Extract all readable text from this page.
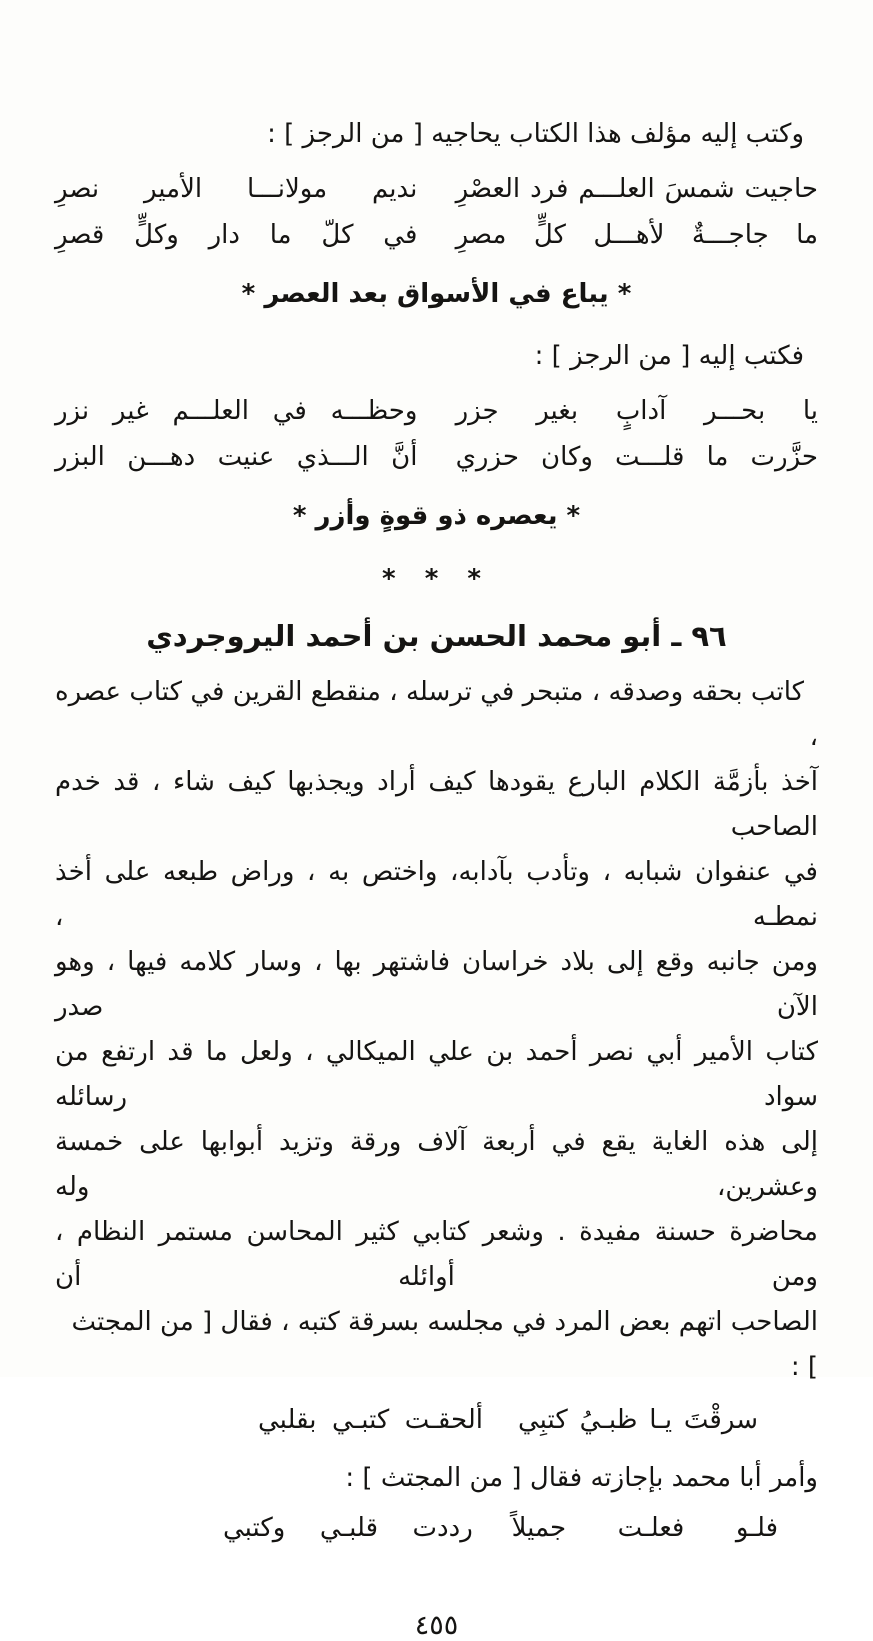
وكتب إليه مؤلف هذا الكتاب يحاجيه [ من الرجز ] :
حاجيت شمسَ العلـــم فرد العصْرِ
نديم مولانـــا الأمير نصرِ
ما جاجـــةٌ لأهـــل كلٍّ مصرِ
في كلّ ما دار وكلٍّ قصرِ
* يباع في الأسواق بعد العصر *
فكتب إليه [ من الرجز ] :
يا بحـــر آدابٍ بغير جزر
وحظـــه في العلـــم غير نزر
حزَّرت ما قلـــت وكان حزري
أنَّ الـــذي عنيت دهـــن البزر
* يعصره ذو قوةٍ وأزر *
* * *
٩٦ ـ أبو محمد الحسن بن أحمد اليروجردي
كاتب بحقه وصدقه ، متبحر في ترسله ، منقطع القرين في كتاب عصره ،
آخذ بأزمَّة الكلام البارع يقودها كيف أراد ويجذبها كيف شاء ، قد خدم الصاحب
في عنفوان شبابه ، وتأدب بآدابه، واختص به ، وراض طبعه على أخذ نمطـه ،
ومن جانبه وقع إلى بلاد خراسان فاشتهر بها ، وسار كلامه فيها ، وهو الآن صدر
كتاب الأمير أبي نصر أحمد بن علي الميكالي ، ولعل ما قد ارتفع من سواد رسائله
إلى هذه الغاية يقع في أربعة آلاف ورقة وتزيد أبوابها على خمسة وعشرين، وله
محاضرة حسنة مفيدة . وشعر كتابي كثير المحاسن مستمر النظام ، ومن أوائله أن
الصاحب اتهم بعض المرد في مجلسه بسرقة كتبه ، فقال [ من المجتث ] :
سرقْتَ يـا ظبـيُ كتبِي
ألحقـت كتبـي بقلبي
وأمر أبا محمد بإجازته فقال [ من المجتث ] :
فلـو فعلـت جميلاً
رددت قلبـي وكتبي
٤٥٥
